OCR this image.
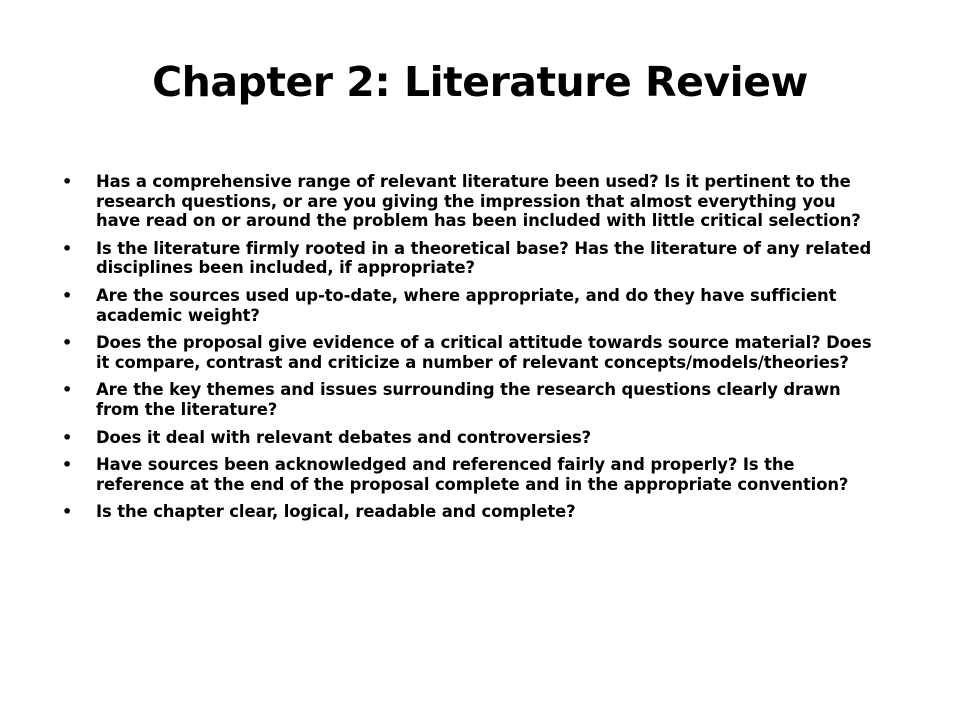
Chapter 2: Literature Review
• Has a comprehensive range of relevant literature been used? Is it pertinent to the research questions, or are you giving the impression that almost everything you have read on or around the problem has been included with little critical selection?
• Is the literature firmly rooted in a theoretical base? Has the literature of any related disciplines been included, if appropriate?
• Are the sources used up-to-date, where appropriate, and do they have sufficient academic weight?
• Does the proposal give evidence of a critical attitude towards source material? Does it compare, contrast and criticize a number of relevant concepts/models/theories?
• Are the key themes and issues surrounding the research questions clearly drawn from the literature?
• Does it deal with relevant debates and controversies?
• Have sources been acknowledged and referenced fairly and properly? Is the reference at the end of the proposal complete and in the appropriate convention?
• Is the chapter clear, logical, readable and complete?
